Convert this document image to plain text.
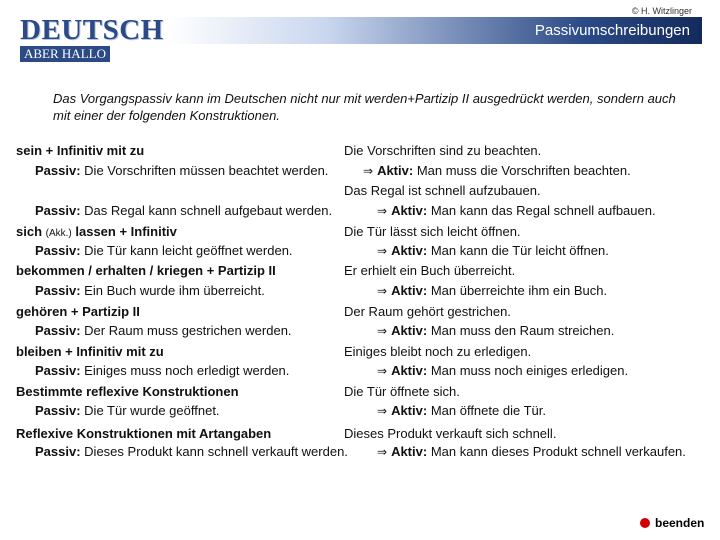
© H. Witzlinger
DEUTSCH
ABER HALLO
Passivumschreibungen
Das Vorgangspassiv kann im Deutschen nicht nur mit werden+Partizip II ausgedrückt werden, sondern auch mit einer der folgenden Konstruktionen.
sein + Infinitiv mit zu	Die Vorschriften sind zu beachten.
Passiv: Die Vorschriften müssen beachtet werden.	⇒ Aktiv: Man muss die Vorschriften beachten.
Das Regal ist schnell aufzubauen.
Passiv: Das Regal kann schnell aufgebaut werden.	⇒ Aktiv: Man kann das Regal schnell aufbauen.
sich (Akk.) lassen + Infinitiv	Die Tür lässt sich leicht öffnen.
Passiv: Die Tür kann leicht geöffnet werden.	⇒ Aktiv: Man kann die Tür leicht öffnen.
bekommen / erhalten / kriegen + Partizip II	Er erhielt ein Buch überreicht.
Passiv: Ein Buch wurde ihm überreicht.	⇒ Aktiv: Man überreichte ihm ein Buch.
gehören + Partizip II	Der Raum gehört gestrichen.
Passiv: Der Raum muss gestrichen werden.	⇒ Aktiv: Man muss den Raum streichen.
bleiben + Infinitiv mit zu	Einiges bleibt noch zu erledigen.
Passiv: Einiges muss noch erledigt werden.	⇒ Aktiv: Man muss noch einiges erledigen.
Bestimmte reflexive Konstruktionen	Die Tür öffnete sich.
Passiv: Die Tür wurde geöffnet.	⇒ Aktiv: Man öffnete die Tür.
Reflexive Konstruktionen mit Artangaben	Dieses Produkt verkauft sich schnell.
Passiv: Dieses Produkt kann schnell verkauft werden. ⇒ Aktiv: Man kann dieses Produkt schnell verkaufen.
beenden
